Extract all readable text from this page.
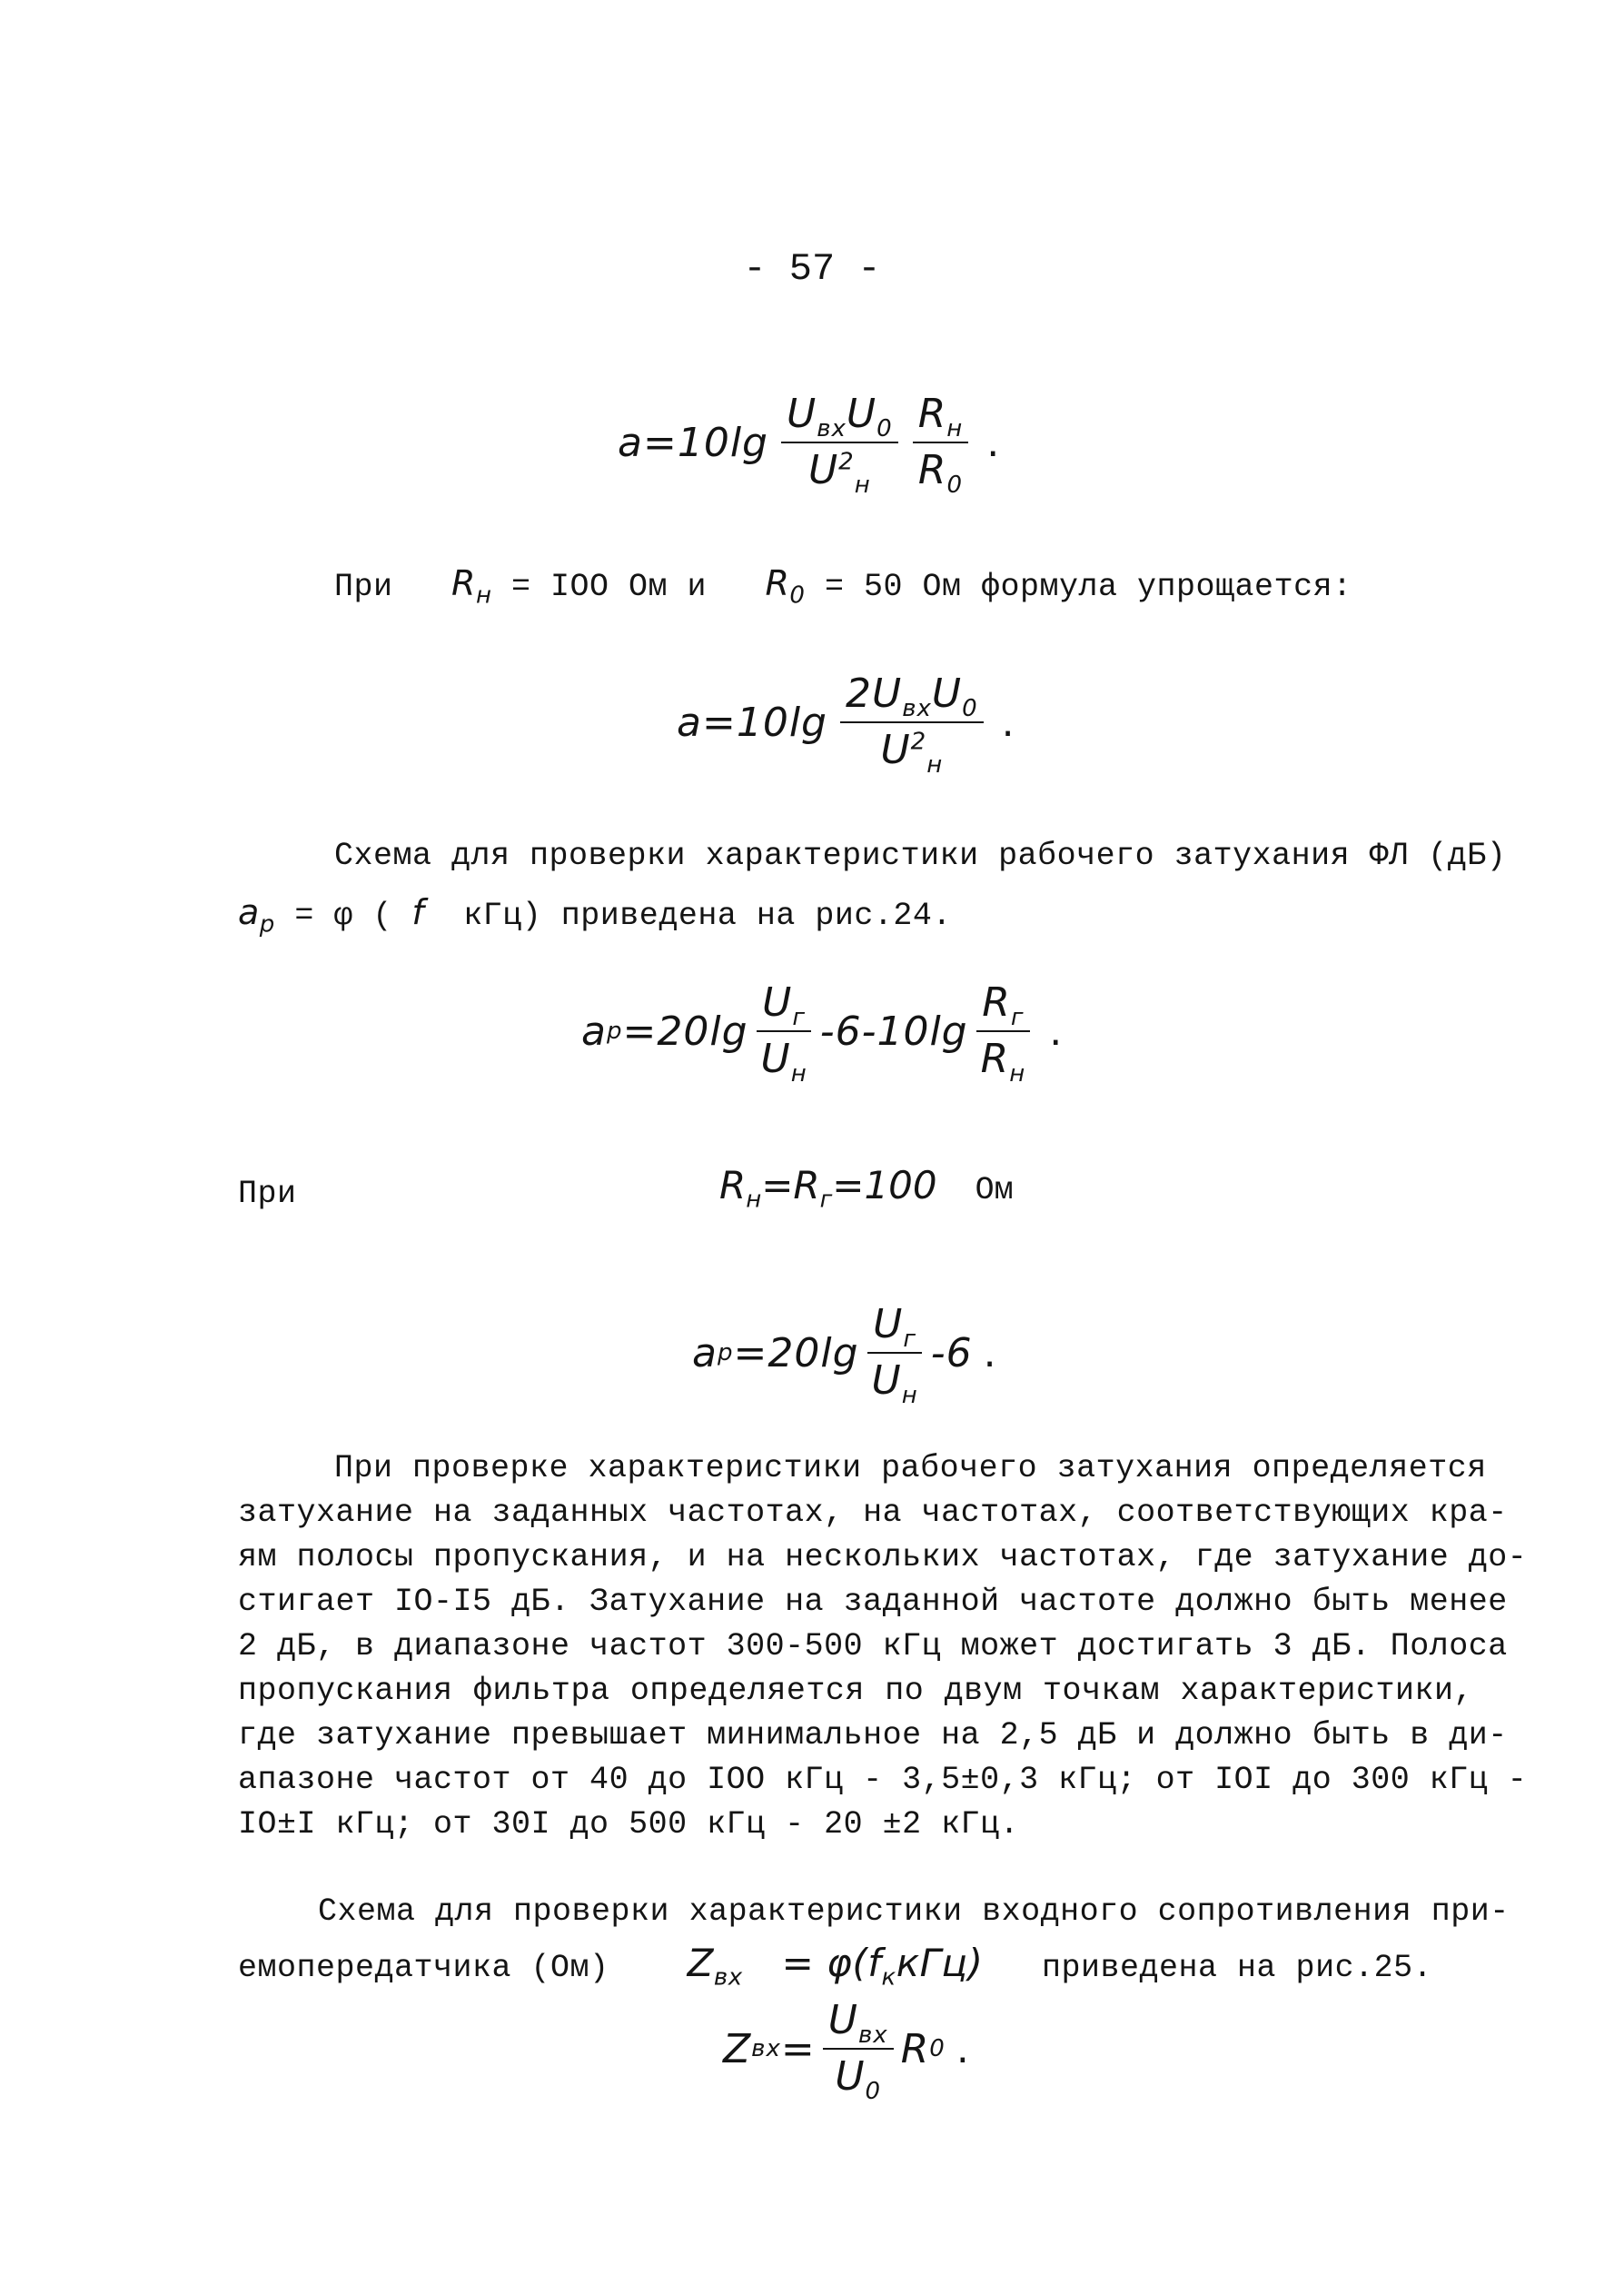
- 57 -
$a=10\lg \frac{U_{вх}U_0}{U^2_н} \frac{R_н}{R_0}$ .
При $R_н$ = IOO Ом и $R_0 = 50$ Ом формула упрощается:
$a=10\lg \frac{2U_{вх}U_0}{U^2_н}$ .
Схема для проверки характеристики рабочего затухания ФЛ (дБ)
$a_p = \varphi$ ( f кГц) приведена на рис.24.
a $p =20\lg \frac{U_г}{U_н} -6-10\lg \frac{R_г}{R_н}$ .
При	$R_н=R_г=100$ Ом
a $p =20\lg \frac{U_г}{U_н} -6$ .
При проверке характеристики рабочего затухания определяется
затухание на заданных частотах, на частотах, соответствующих кра-
ям полосы пропускания, и на нескольких частотах, где затухание до-
стигает IO-I5 дБ. Затухание на заданной частоте должно быть менее
2 дБ, в диапазоне частот 300-500 кГц может достигать 3 дБ. Полоса
пропускания фильтра определяется по двум точкам характеристики,
где затухание превышает минимальное на 2,5 дБ и должно быть в ди-
апазоне частот от 40 до IOO кГц - 3,5±0,3 кГц; от IOI до 300 кГц -
IO±I кГц; от 30I до 500 кГц - 20 ±2 кГц.
Схема для проверки характеристики входного сопротивления при-
емопередатчика (Ом) $Z_{вх} = \varphi(f_ккГц)$ приведена на рис.25.
Z вх = $\frac{U_{вх}}{U_0}$ R 0 .
